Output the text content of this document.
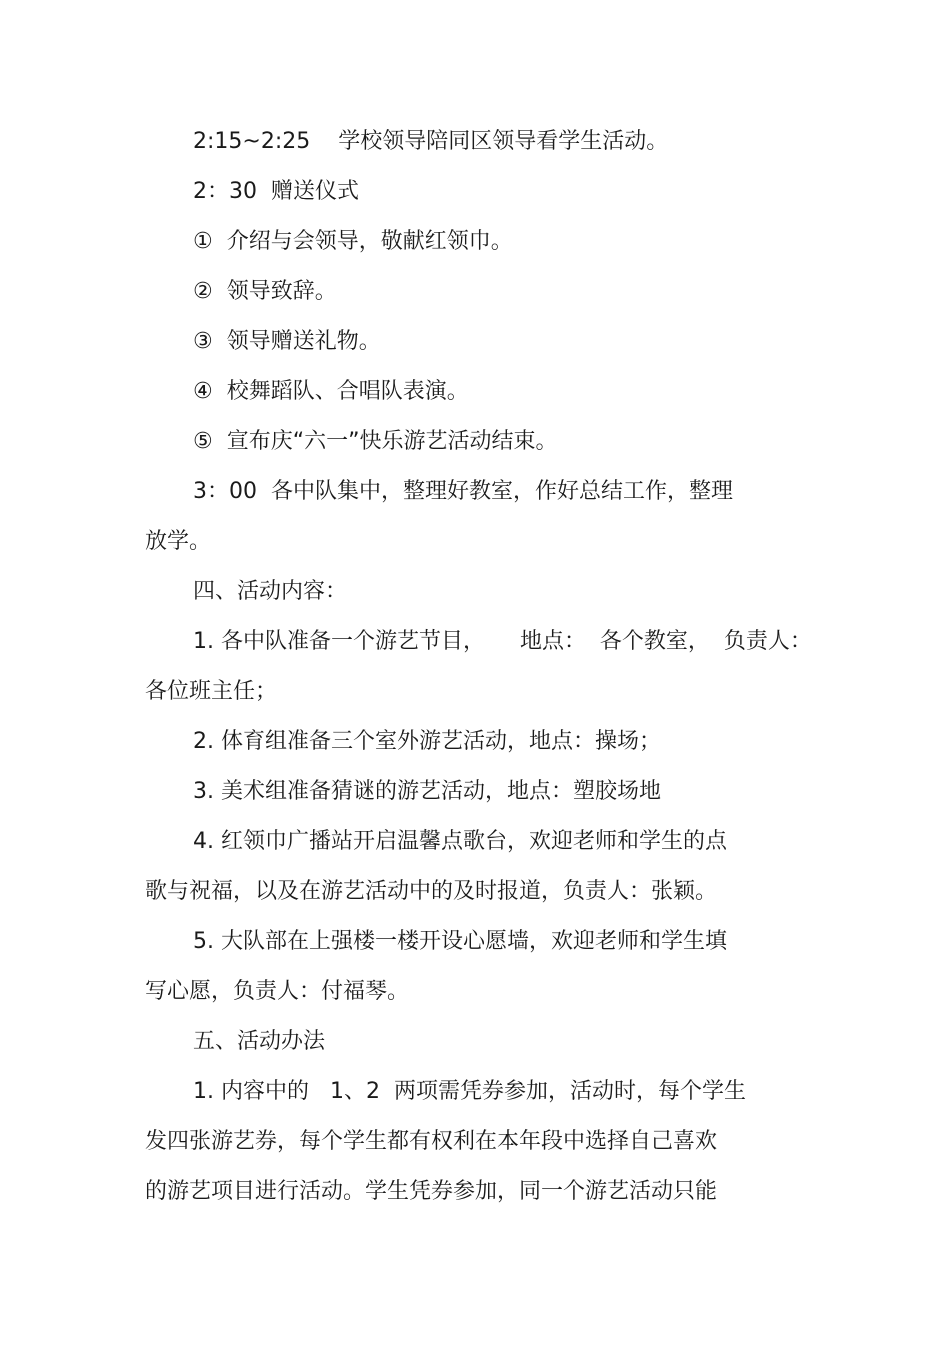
2:15~2:25    学校领导陪同区领导看学生活动。
2：30  赠送仪式
①  介绍与会领导，敬献红领巾。
②  领导致辞。
③  领导赠送礼物。
④  校舞蹈队、合唱队表演。
⑤  宣布庆“六一”快乐游艺活动结束。
3：00  各中队集中，整理好教室，作好总结工作，整理
放学。
四、活动内容：
1. 各中队准备一个游艺节目，     地点：  各个教室，  负责人：
各位班主任；
2. 体育组准备三个室外游艺活动，地点：操场；
3. 美术组准备猜谜的游艺活动，地点：塑胶场地
4. 红领巾广播站开启温馨点歌台，欢迎老师和学生的点
歌与祝福，以及在游艺活动中的及时报道，负责人：张颖。
5. 大队部在上强楼一楼开设心愿墙，欢迎老师和学生填
写心愿，负责人：付福琴。
五、活动办法
1. 内容中的   1、2  两项需凭券参加，活动时，每个学生
发四张游艺券，每个学生都有权利在本年段中选择自己喜欢
的游艺项目进行活动。学生凭券参加，同一个游艺活动只能
